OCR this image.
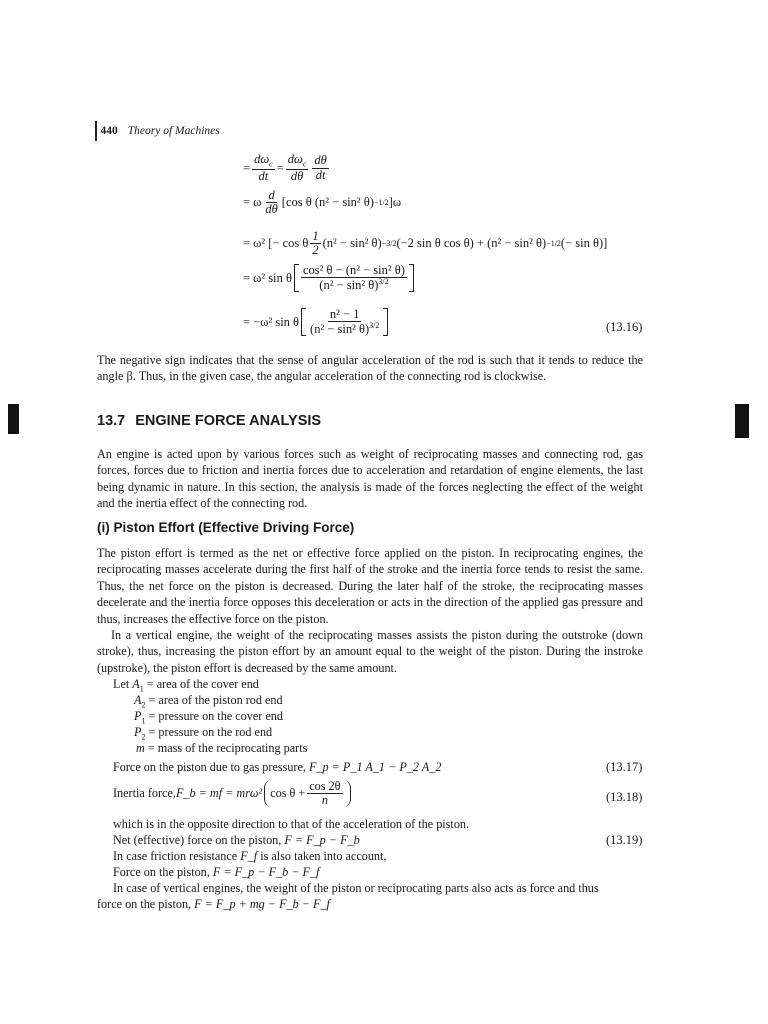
440 Theory of Machines
= $\frac{d\omega_c}{dt} = \frac{d\omega_c}{d\theta} \frac{d\theta}{dt}$
= ω $\frac{d}{d\theta} [\cos$ θ (n² − sin² θ) −1/2 ]ω
= ω² [− cos θ $\frac{1}{2} (n^2 - \sin^2$ θ) −3/2 (−2 sin θ cos θ) + (n² − sin² θ) −1/2 (− sin θ)]
= ω² sin θ $\frac{\text{cos² θ − (n² − sin² θ)}}{(n^2 - \sin^2 \theta)^{3/2}}$
= −ω² sin θ $\frac{\text{n² − 1}}{(n^2 - \sin^2 \theta)^{3/2}}$	(13.16)
The negative sign indicates that the sense of angular acceleration of the rod is such that it tends to reduce the angle β. Thus, in the given case, the angular acceleration of the connecting rod is clockwise.
13.7 ENGINE FORCE ANALYSIS
An engine is acted upon by various forces such as weight of reciprocating masses and connecting rod, gas forces, forces due to friction and inertia forces due to acceleration and retardation of engine elements, the last being dynamic in nature. In this section, the analysis is made of the forces neglecting the effect of the weight and the inertia effect of the connecting rod.
(i) Piston Effort (Effective Driving Force)
The piston effort is termed as the net or effective force applied on the piston. In reciprocating engines, the reciprocating masses accelerate during the first half of the stroke and the inertia force tends to resist the same. Thus, the net force on the piston is decreased. During the later half of the stroke, the reciprocating masses decelerate and the inertia force opposes this deceleration or acts in the direction of the applied gas pressure and thus, increases the effective force on the piston.
In a vertical engine, the weight of the reciprocating masses assists the piston during the outstroke (down stroke), thus, increasing the piston effort by an amount equal to the weight of the piston. During the instroke (upstroke), the piston effort is decreased by the same amount.
Let $A_1$ = area of the cover end
$A_2$ = area of the piston rod end
$P_1$ = pressure on the cover end
$P_2$ = pressure on the rod end
m = mass of the reciprocating parts
Force on the piston due to gas pressure, F_p = P_1 A_1 − P_2 A_2	(13.17)
Inertia force, F_b = mf = mrω² $\cos \theta + \frac{\cos 2\theta}{n}$	(13.18)
which is in the opposite direction to that of the acceleration of the piston.
Net (effective) force on the piston, F = F_p − F_b	(13.19)
In case friction resistance F_f is also taken into account,
Force on the piston, F = F_p − F_b − F_f
In case of vertical engines, the weight of the piston or reciprocating parts also acts as force and thus
force on the piston, F = F_p + mg − F_b − F_f
